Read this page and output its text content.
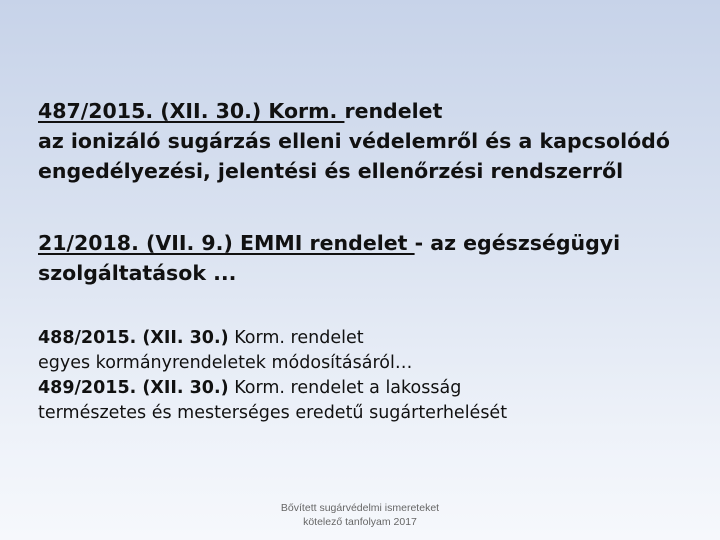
487/2015. (XII. 30.) Korm. rendelet
az ionizáló sugárzás elleni védelemről és a kapcsolódó
engedélyezési, jelentési és ellenőrzési rendszerről
21/2018. (VII. 9.) EMMI rendelet - az egészségügyi
szolgáltatások ...
488/2015. (XII. 30.) Korm. rendelet
egyes kormányrendeletek módosításáról…
489/2015. (XII. 30.) Korm. rendelet a lakosság
természetes és mesterséges eredetű sugárterhelését
Bővített sugárvédelmi ismereteket
kötelező tanfolyam 2017
